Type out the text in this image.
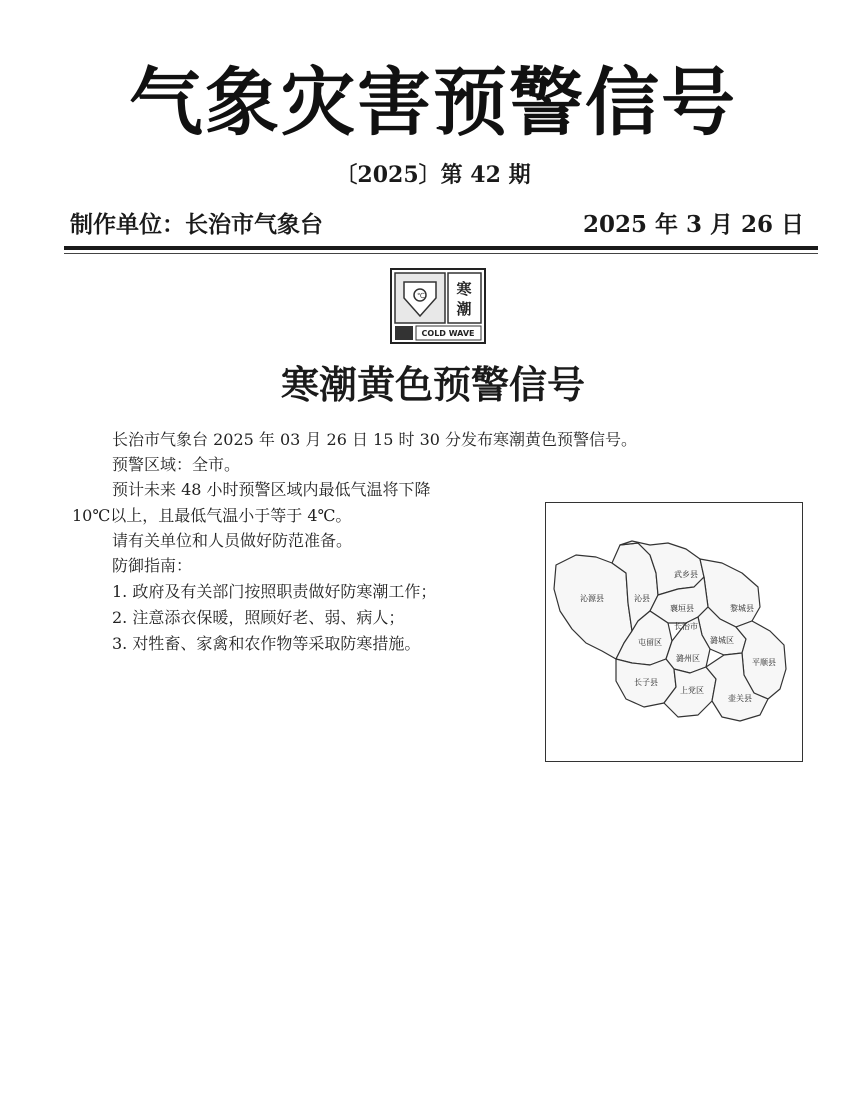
气象灾害预警信号
〔2025〕第 42 期
制作单位：长治市气象台	2025 年 3 月 26 日
℃ 寒
潮
COLD WAVE
寒潮黄色预警信号
长治市气象台 2025 年 03 月 26 日 15 时 30 分发布寒潮黄色预警信号。
预警区域：全市。
预计未来 48 小时预警区域内最低气温将下降
10℃以上，且最低气温小于等于 4℃。
请有关单位和人员做好防范准备。
防御指南：
1. 政府及有关部门按照职责做好防寒潮工作；
2. 注意添衣保暖，照顾好老、弱、病人；
3. 对牲畜、家禽和农作物等采取防寒措施。
武乡县
沁源县	沁县
襄垣县	黎城县
长治市
屯留区	潞城区
潞州区	平顺县
长子县
上党区
壶关县
